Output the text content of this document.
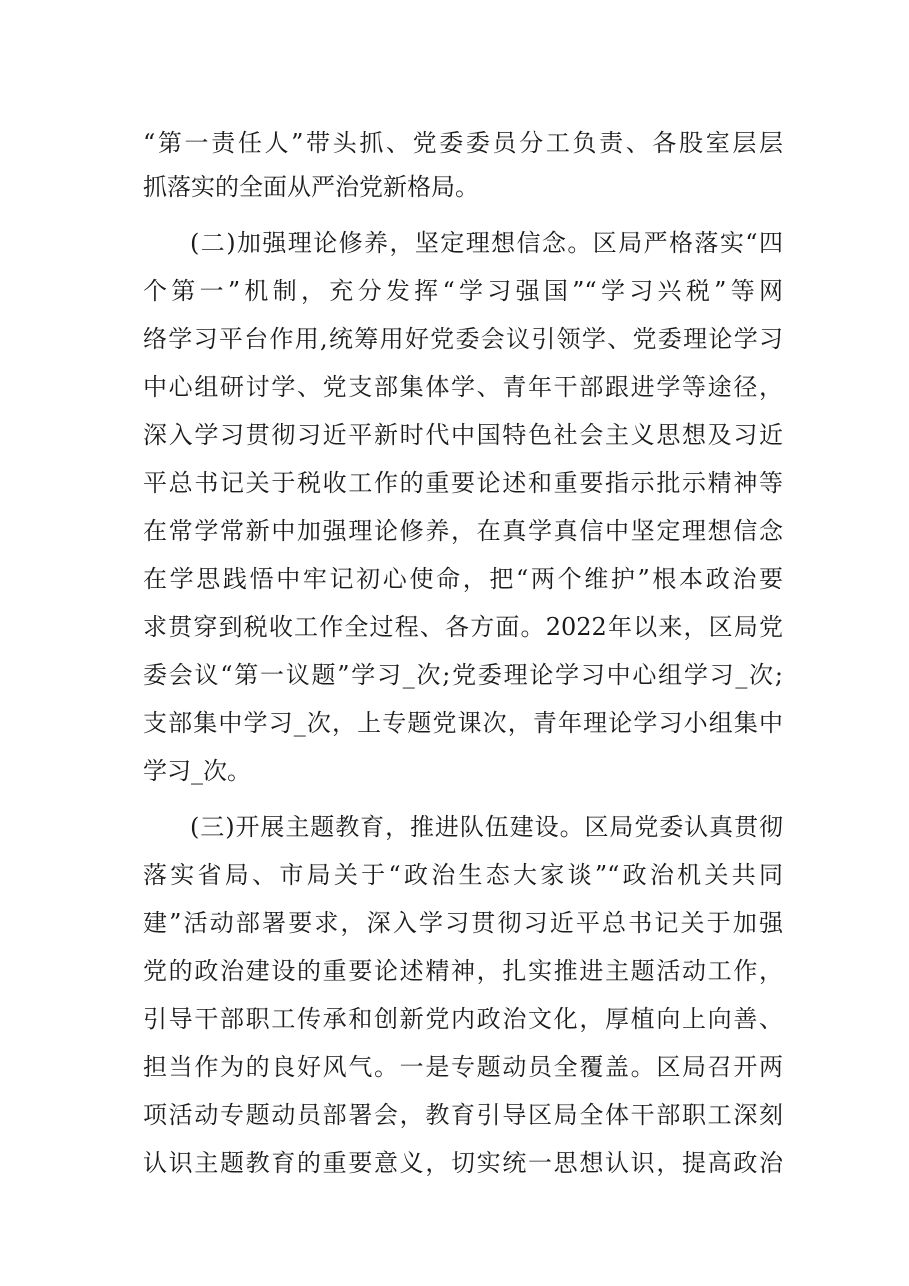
“第一责任人”带头抓、党委委员分工负责、各股室层层
抓落实的全面从严治党新格局。
(二)加强理论修养，坚定理想信念。区局严格落实“四
个第一”机制，充分发挥“学习强国”“学习兴税”等网
络学习平台作用,统筹用好党委会议引领学、党委理论学习
中心组研讨学、党支部集体学、青年干部跟进学等途径，
深入学习贯彻习近平新时代中国特色社会主义思想及习近
平总书记关于税收工作的重要论述和重要指示批示精神等
在常学常新中加强理论修养，在真学真信中坚定理想信念
在学思践悟中牢记初心使命，把“两个维护”根本政治要
求贯穿到税收工作全过程、各方面。2022年以来，区局党
委会议“第一议题”学习_次;党委理论学习中心组学习_次;
支部集中学习_次，上专题党课次，青年理论学习小组集中
学习_次。
(三)开展主题教育，推进队伍建设。区局党委认真贯彻
落实省局、市局关于“政治生态大家谈”“政治机关共同
建”活动部署要求，深入学习贯彻习近平总书记关于加强
党的政治建设的重要论述精神，扎实推进主题活动工作，
引导干部职工传承和创新党内政治文化，厚植向上向善、
担当作为的良好风气。一是专题动员全覆盖。区局召开两
项活动专题动员部署会，教育引导区局全体干部职工深刻
认识主题教育的重要意义，切实统一思想认识，提高政治
